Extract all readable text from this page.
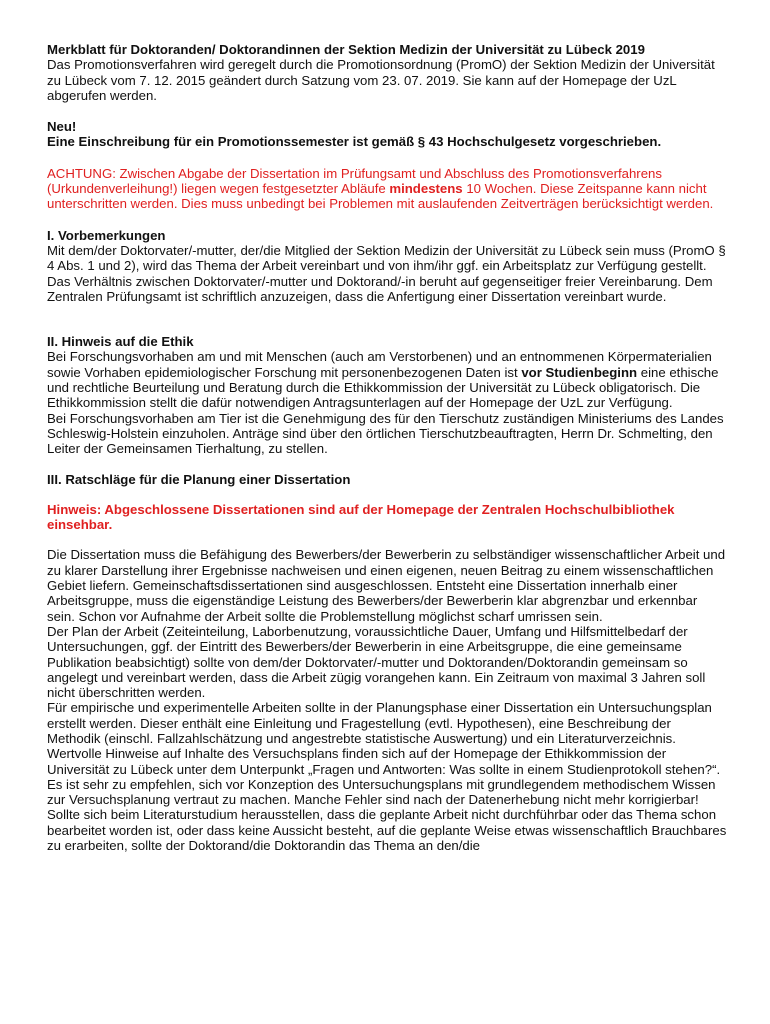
Merkblatt für Doktoranden/ Doktorandinnen der Sektion Medizin der Universität zu Lübeck 2019

Das Promotionsverfahren wird geregelt durch die Promotionsordnung (PromO) der Sektion Medizin der Universität zu Lübeck vom 7. 12. 2015 geändert durch Satzung vom 23. 07. 2019. Sie kann auf der Homepage der UzL abgerufen werden.

Neu!

Eine Einschreibung für ein Promotionssemester ist gemäß § 43 Hochschulgesetz vorgeschrieben.

ACHTUNG: Zwischen Abgabe der Dissertation im Prüfungsamt und Abschluss des Promotionsverfahrens (Urkundenverleihung!) liegen wegen festgesetzter Abläufe mindestens 10 Wochen. Diese Zeitspanne kann nicht unterschritten werden. Dies muss unbedingt bei Problemen mit auslaufenden Zeitverträgen berücksichtigt werden.

I. Vorbemerkungen

Mit dem/der Doktorvater/-mutter, der/die Mitglied der Sektion Medizin der Universität zu Lübeck sein muss (PromO § 4 Abs. 1 und 2), wird das Thema der Arbeit vereinbart und von ihm/ihr ggf. ein Arbeitsplatz zur Verfügung gestellt. Das Verhältnis zwischen Doktorvater/-mutter und Doktorand/-in beruht auf gegenseitiger freier Vereinbarung. Dem Zentralen Prüfungsamt ist schriftlich anzuzeigen, dass die Anfertigung einer Dissertation vereinbart wurde.

II. Hinweis auf die Ethik

Bei Forschungsvorhaben am und mit Menschen (auch am Verstorbenen) und an entnommenen Körpermaterialien sowie Vorhaben epidemiologischer Forschung mit personenbezogenen Daten ist vor Studienbeginn eine ethische und rechtliche Beurteilung und Beratung durch die Ethikkommission der Universität zu Lübeck obligatorisch. Die Ethikkommission stellt die dafür notwendigen Antragsunterlagen auf der Homepage der UzL zur Verfügung.

Bei Forschungsvorhaben am Tier ist die Genehmigung des für den Tierschutz zuständigen Ministeriums des Landes Schleswig-Holstein einzuholen. Anträge sind über den örtlichen Tierschutzbeauftragten, Herrn Dr. Schmelting, den Leiter der Gemeinsamen Tierhaltung, zu stellen.

III. Ratschläge für die Planung einer Dissertation

Hinweis: Abgeschlossene Dissertationen sind auf der Homepage der Zentralen Hochschulbibliothek einsehbar.

Die Dissertation muss die Befähigung des Bewerbers/der Bewerberin zu selbständiger wissenschaftlicher Arbeit und zu klarer Darstellung ihrer Ergebnisse nachweisen und einen eigenen, neuen Beitrag zu einem wissenschaftlichen Gebiet liefern. Gemeinschaftsdissertationen sind ausgeschlossen. Entsteht eine Dissertation innerhalb einer Arbeitsgruppe, muss die eigenständige Leistung des Bewerbers/der Bewerberin klar abgrenzbar und erkennbar sein. Schon vor Aufnahme der Arbeit sollte die Problemstellung möglichst scharf umrissen sein.

Der Plan der Arbeit (Zeiteinteilung, Laborbenutzung, voraussichtliche Dauer, Umfang und Hilfsmittelbedarf der Untersuchungen, ggf. der Eintritt des Bewerbers/der Bewerberin in eine Arbeitsgruppe, die eine gemeinsame Publikation beabsichtigt) sollte von dem/der Doktorvater/-mutter und Doktoranden/Doktorandin gemeinsam so angelegt und vereinbart werden, dass die Arbeit zügig vorangehen kann. Ein Zeitraum von maximal 3 Jahren soll nicht überschritten werden.

Für empirische und experimentelle Arbeiten sollte in der Planungsphase einer Dissertation ein Untersuchungsplan erstellt werden. Dieser enthält eine Einleitung und Fragestellung (evtl. Hypothesen), eine Beschreibung der Methodik (einschl. Fallzahlschätzung und angestrebte statistische Auswertung) und ein Literaturverzeichnis. Wertvolle Hinweise auf Inhalte des Versuchsplans finden sich auf der Homepage der Ethikkommission der Universität zu Lübeck unter dem Unterpunkt „Fragen und Antworten: Was sollte in einem Studienprotokoll stehen?“.

Es ist sehr zu empfehlen, sich vor Konzeption des Untersuchungsplans mit grundlegendem methodischem Wissen zur Versuchsplanung vertraut zu machen. Manche Fehler sind nach der Datenerhebung nicht mehr korrigierbar!

Sollte sich beim Literaturstudium herausstellen, dass die geplante Arbeit nicht durchführbar oder das Thema schon bearbeitet worden ist, oder dass keine Aussicht besteht, auf die geplante Weise etwas wissenschaftlich Brauchbares zu erarbeiten, sollte der Doktorand/die Doktorandin das Thema an den/die
